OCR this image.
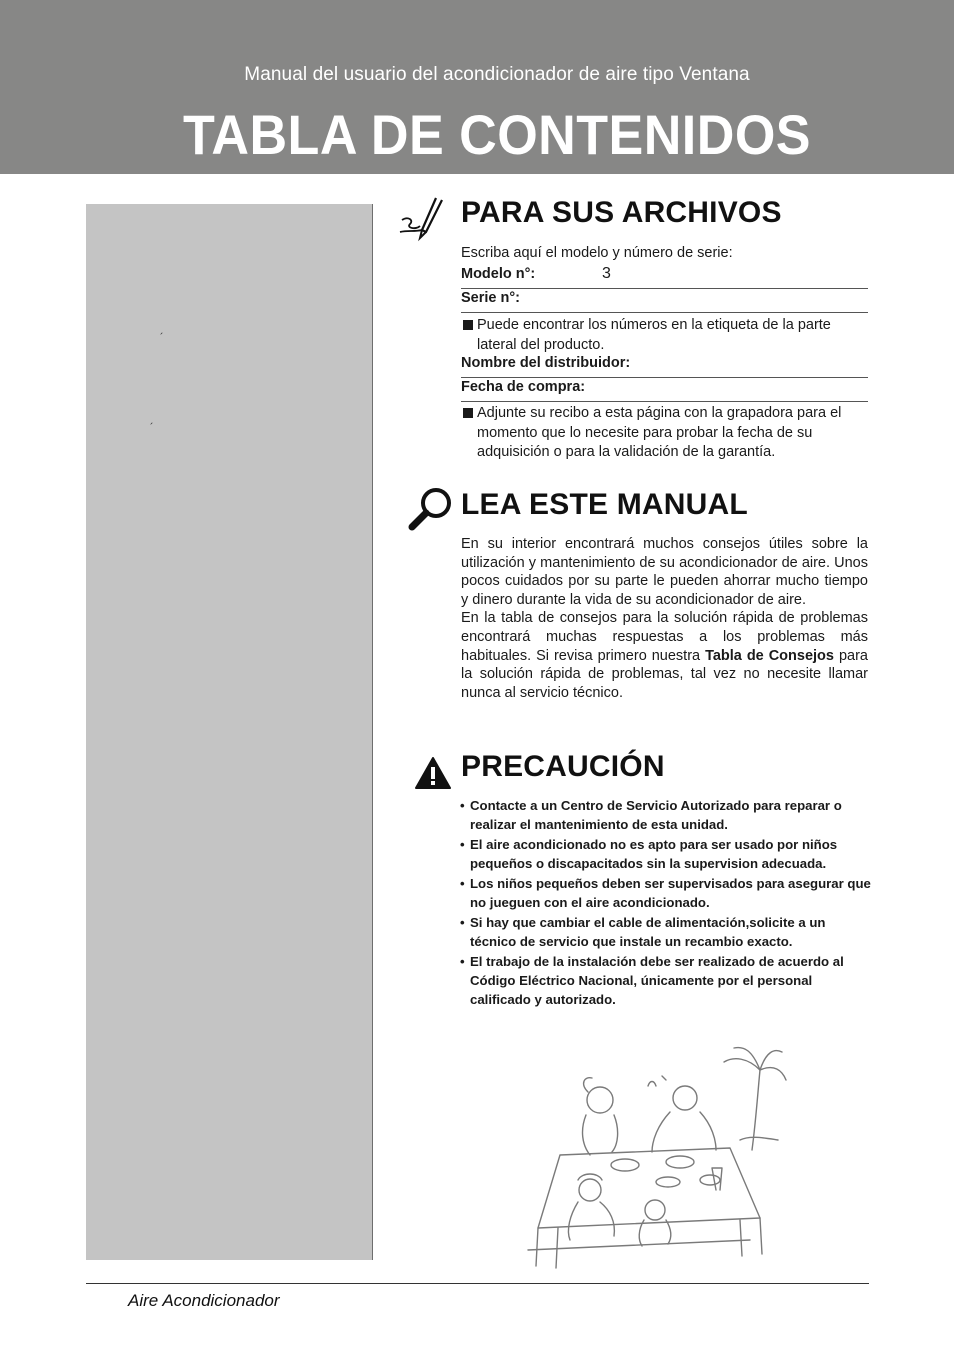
Manual del usuario del acondicionador de aire tipo Ventana
TABLA DE CONTENIDOS
´
´
PARA SUS ARCHIVOS
Escriba aquí el modelo y número de serie:
Modelo n°:	3
Serie n°:
Puede encontrar los números en la etiqueta de la parte lateral del producto.
Nombre del distribuidor:
Fecha de compra:
Adjunte su recibo a esta página con la grapadora para el momento que lo necesite para probar la fecha de su adquisición o para la validación de la garantía.
LEA ESTE MANUAL
En su interior encontrará muchos consejos útiles sobre la utilización y mantenimiento de su acondicionador de aire. Unos pocos cuidados por su parte le pueden ahorrar mucho tiempo y dinero durante la vida de su acondicionador de aire.
En la tabla de consejos para la solución rápida de problemas encontrará muchas respuestas a los problemas más habituales. Si revisa primero nuestra Tabla de Consejos para la solución rápida de problemas, tal vez no necesite llamar nunca al servicio técnico.
PRECAUCIÓN
• Contacte a un Centro de Servicio Autorizado para reparar o realizar el mantenimiento de esta unidad.
• El aire acondicionado no es apto para ser usado por niños pequeños o discapacitados sin la supervision adecuada.
• Los niños pequeños deben ser supervisados para asegurar que no jueguen con el aire acondicionado.
• Si hay que cambiar el cable de alimentación,solicite a un técnico de servicio que instale un recambio exacto.
• El trabajo de la instalación debe ser realizado de acuerdo al Código Eléctrico Nacional, únicamente por el personal calificado y autorizado.
Aire Acondicionador
